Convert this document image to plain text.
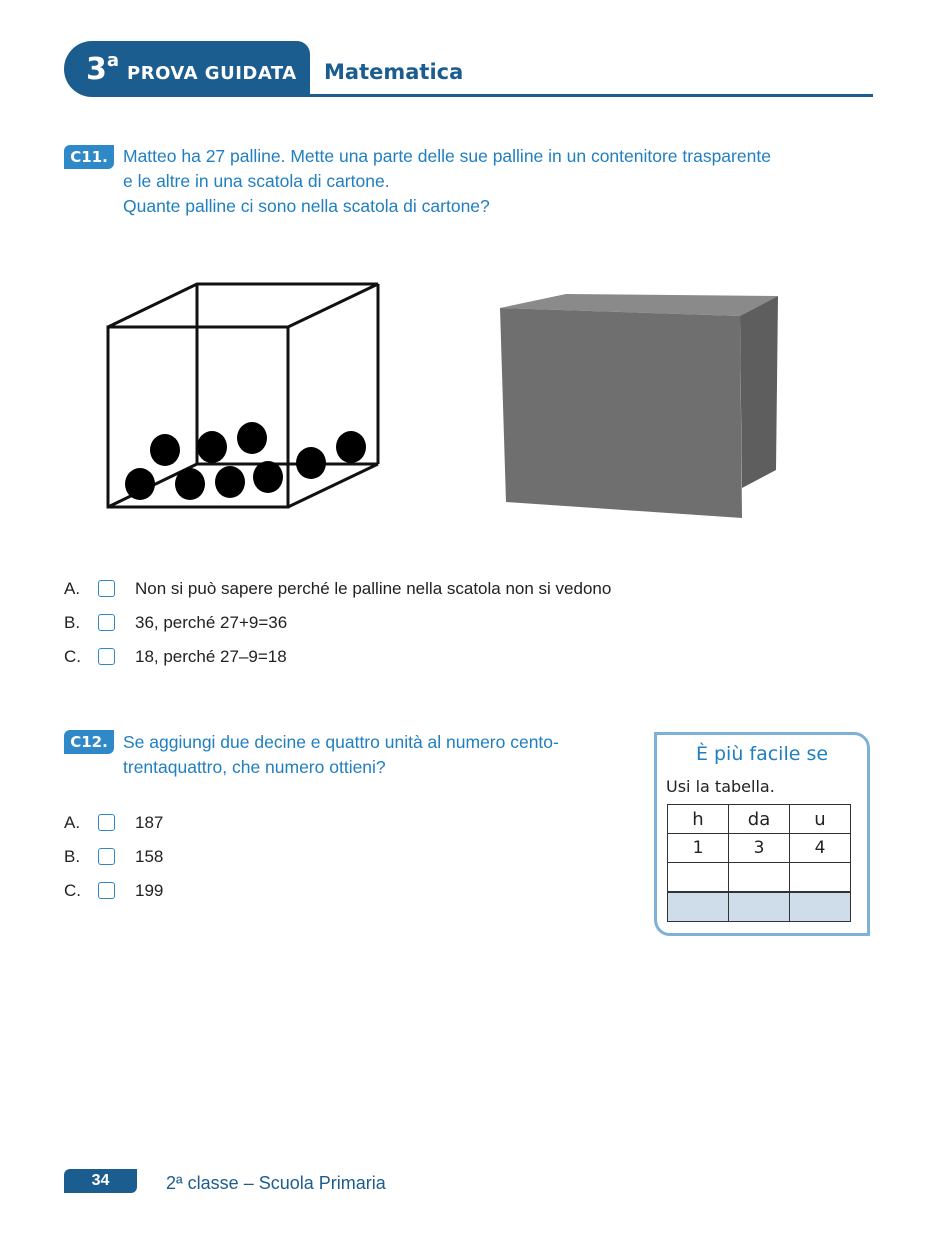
3aPROVA GUIDATA Matematica
C11. Matteo ha 27 palline. Mette una parte delle sue palline in un contenitore trasparente
e le altre in una scatola di cartone.
Quante palline ci sono nella scatola di cartone?
A.	Non si può sapere perché le palline nella scatola non si vedono
B.	36, perché 27+9=36
C.	18, perché 27–9=18
C12. Se aggiungi due decine e quattro unità al numero cento-
trentaquattro, che numero ottieni?
A.	187
B.	158
C.	199
È più facile se
Usi la tabella.
h	da	u
1	3	4

34	2ª classe – Scuola Primaria
